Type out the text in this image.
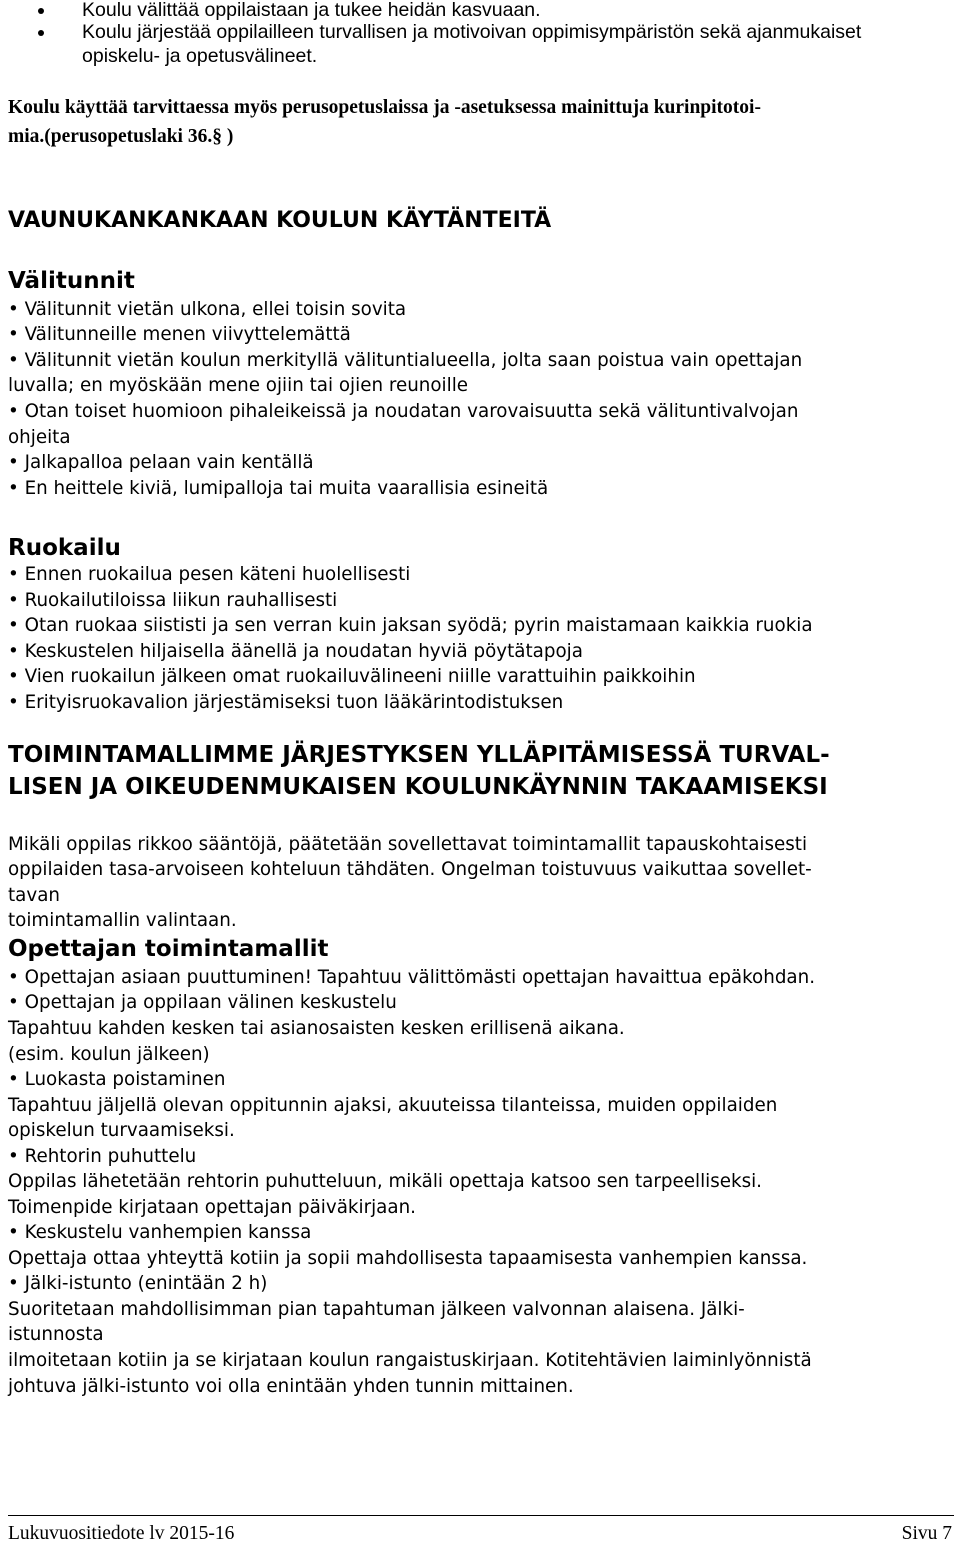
Koulu välittää oppilaistaan ja tukee heidän kasvuaan.
Koulu järjestää oppilailleen turvallisen ja motivoivan oppimisympäristön sekä ajanmukaiset
opiskelu- ja opetusvälineet.
Koulu käyttää tarvittaessa myös perusopetuslaissa ja -asetuksessa mainittuja kurinpitotoi-
mia.(perusopetuslaki 36.§ )
VAUNUKANKANKAAN KOULUN KÄYTÄNTEITÄ
Välitunnit
• Välitunnit vietän ulkona, ellei toisin sovita
• Välitunneille menen viivyttelemättä
• Välitunnit vietän koulun merkityllä välituntialueella, jolta saan poistua vain opettajan
luvalla; en myöskään mene ojiin tai ojien reunoille
• Otan toiset huomioon pihaleikeissä ja noudatan varovaisuutta sekä välituntivalvojan
ohjeita
• Jalkapalloa pelaan vain kentällä
• En heittele kiviä, lumipalloja tai muita vaarallisia esineitä
Ruokailu
• Ennen ruokailua pesen käteni huolellisesti
• Ruokailutiloissa liikun rauhallisesti
• Otan ruokaa siististi ja sen verran kuin jaksan syödä; pyrin maistamaan kaikkia ruokia
• Keskustelen hiljaisella äänellä ja noudatan hyviä pöytätapoja
• Vien ruokailun jälkeen omat ruokailuvälineeni niille varattuihin paikkoihin
• Erityisruokavalion järjestämiseksi tuon lääkärintodistuksen
TOIMINTAMALLIMME JÄRJESTYKSEN YLLÄPITÄMISESSÄ TURVAL-
LISEN JA OIKEUDENMUKAISEN KOULUNKÄYNNIN TAKAAMISEKSI
Mikäli oppilas rikkoo sääntöjä, päätetään sovellettavat toimintamallit tapauskohtaisesti
oppilaiden tasa-arvoiseen kohteluun tähdäten. Ongelman toistuvuus vaikuttaa sovellet-
tavan
toimintamallin valintaan.
Opettajan toimintamallit
• Opettajan asiaan puuttuminen! Tapahtuu välittömästi opettajan havaittua epäkohdan.
• Opettajan ja oppilaan välinen keskustelu
Tapahtuu kahden kesken tai asianosaisten kesken erillisenä aikana.
(esim. koulun jälkeen)
• Luokasta poistaminen
Tapahtuu jäljellä olevan oppitunnin ajaksi, akuuteissa tilanteissa, muiden oppilaiden
opiskelun turvaamiseksi.
• Rehtorin puhuttelu
Oppilas lähetetään rehtorin puhutteluun, mikäli opettaja katsoo sen tarpeelliseksi.
Toimenpide kirjataan opettajan päiväkirjaan.
• Keskustelu vanhempien kanssa
Opettaja ottaa yhteyttä kotiin ja sopii mahdollisesta tapaamisesta vanhempien kanssa.
• Jälki-istunto (enintään 2 h)
Suoritetaan mahdollisimman pian tapahtuman jälkeen valvonnan alaisena. Jälki-
istunnosta
ilmoitetaan kotiin ja se kirjataan koulun rangaistuskirjaan. Kotitehtävien laiminlyönnistä
johtuva jälki-istunto voi olla enintään yhden tunnin mittainen.
Lukuvuositiedote lv 2015-16	Sivu 7
